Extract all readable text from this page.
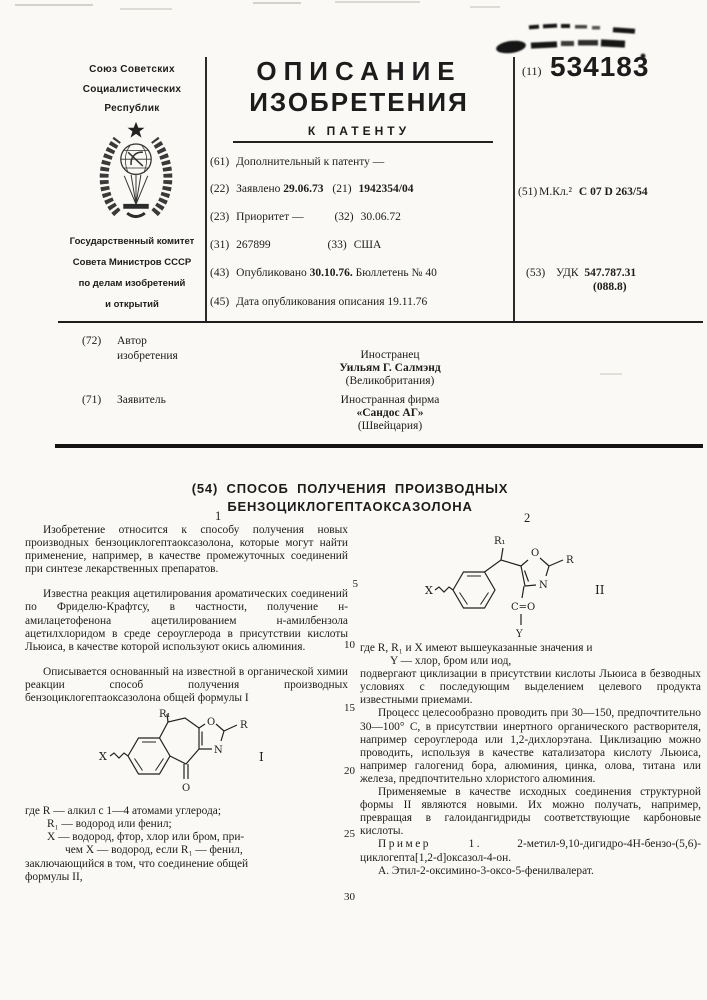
Союз Советских
Социалистических
Республик
Государственный комитет
Совета Министров СССР
по делам изобретений
и открытий
ОПИСАНИЕ
ИЗОБРЕТЕНИЯ
К ПАТЕНТУ
(11) 534183
(61) Дополнительный к патенту —
(22) Заявлено 29.06.73 (21) 1942354/04
(23) Приоритет —	(32) 30.06.72
(31) 267899	(33) США
(43) Опубликовано 30.10.76. Бюллетень № 40
(45) Дата опубликования описания 19.11.76
(51) М.Кл.² C 07 D 263/54
(53) УДК 547.787.31
(088.8)
(72) Автор
изобретения	Иностранец
Уильям Г. Салмэнд
(Великобритания)
(71) Заявитель	Иностранная фирма
«Сандос АГ»
(Швейцария)
(54) СПОСОБ ПОЛУЧЕНИЯ ПРОИЗВОДНЫХ
БЕНЗОЦИКЛОГЕПТАОКСАЗОЛОНА
1	2
5
10
15
20
25
30

Изобретение относится к способу получения новых производных бензоциклогептаоксазолона, которые могут найти применение, например, в качестве промежуточных соединений при синтезе лекарственных препаратов.

Известна реакция ацетилирования ароматических соединений по Фриделю-Крафтсу, в частности, получение н-амилацетофенона ацетилированием н-амилбензола ацетилхлоридом в среде сероуглерода в присутствии кислоты Льюиса, в качестве которой используют окись алюминия.

Описывается основанный на известной в органической химии реакции способ получения производных бензоциклогептаоксазолона общей формулы I

X
R₁
O R
N
O
I
где R — алкил с 1—4 атомами углерода;
R₁ — водород или фенил;
X — водород, фтор, хлор или бром, при-
чем X — водород, если R₁ — фенил,
заключающийся в том, что соединение общей
формулы II,
X
R₁
O
R
N
C=O
Y
II
где R, R₁ и X имеют вышеуказанные значения и
Y — хлор, бром или иод,

подвергают циклизации в присутствии кислоты Льюиса в безводных условиях с последующим выделением целевого продукта известными приемами.

Процесс целесообразно проводить при 30—150, предпочтительно 30—100° С, в присутствии инертного органического растворителя, например сероуглерода или 1,2-дихлорэтана. Циклизацию можно проводить, используя в качестве катализатора кислоту Льюиса, например галогенид бора, алюминия, цинка, олова, титана или железа, предпочтительно хлористого алюминия.

Применяемые в качестве исходных соединения структурной формы II являются новыми. Их можно получать, например, превращая в галоидангидриды соответствующие карбоновые кислоты.

Пример 1.	2-метил-9,10-дигидро-4Н-бензо-(5,6)-циклогепта[1,2-d]оксазол-4-он.

А. Этил-2-оксимино-3-оксо-5-фенилвалерат.
